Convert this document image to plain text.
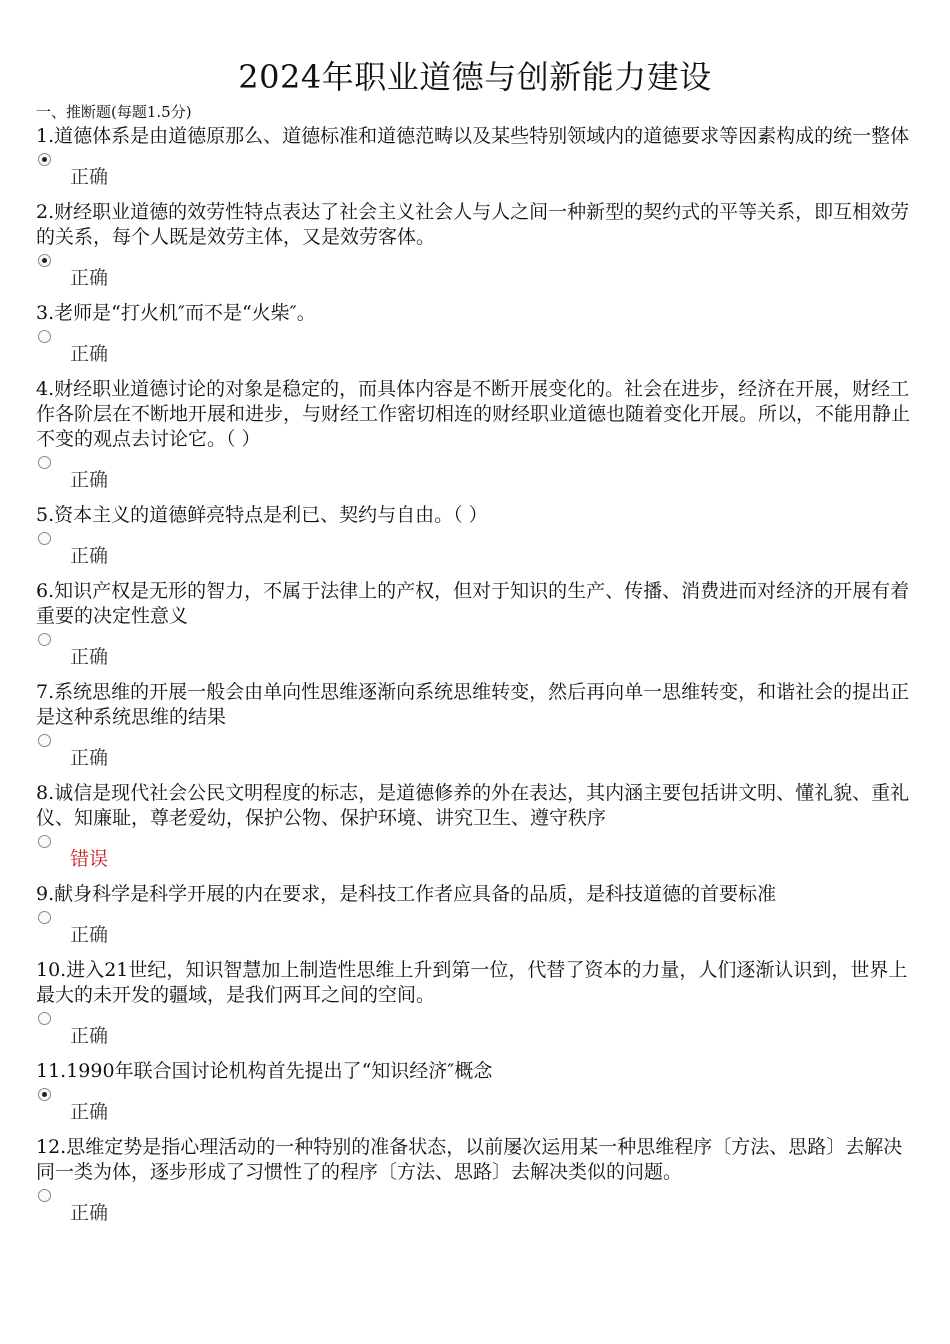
2024年职业道德与创新能力建设
一、推断题(每题1.5分)

1.道德体系是由道德原那么、道德标准和道德范畴以及某些特别领域内的道德要求等因素构成的统一整体

正确

2.财经职业道德的效劳性特点表达了社会主义社会人与人之间一种新型的契约式的平等关系，即互相效劳的关系，每个人既是效劳主体，又是效劳客体。

正确

3.老师是“打火机″而不是“火柴″。

正确

4.财经职业道德讨论的对象是稳定的，而具体内容是不断开展变化的。社会在进步，经济在开展，财经工作各阶层在不断地开展和进步，与财经工作密切相连的财经职业道德也随着变化开展。所以，不能用静止不变的观点去讨论它。（ ）

正确

5.资本主义的道德鲜亮特点是利已、契约与自由。（ ）

正确

6.知识产权是无形的智力，不属于法律上的产权，但对于知识的生产、传播、消费进而对经济的开展有着重要的决定性意义

正确

7.系统思维的开展一般会由单向性思维逐渐向系统思维转变，然后再向单一思维转变，和谐社会的提出正是这种系统思维的结果

正确

8.诚信是现代社会公民文明程度的标志，是道德修养的外在表达，其内涵主要包括讲文明、懂礼貌、重礼仪、知廉耻，尊老爱幼，保护公物、保护环境、讲究卫生、遵守秩序

错误

9.献身科学是科学开展的内在要求，是科技工作者应具备的品质，是科技道德的首要标准

正确

10.进入21世纪，知识智慧加上制造性思维上升到第一位，代替了资本的力量，人们逐渐认识到，世界上最大的未开发的疆域，是我们两耳之间的空间。

正确

11.1990年联合国讨论机构首先提出了“知识经济″概念

正确

12.思维定势是指心理活动的一种特别的准备状态，以前屡次运用某一种思维程序〔方法、思路〕去解决同一类为体，逐步形成了习惯性了的程序〔方法、思路〕去解决类似的问题。

正确
